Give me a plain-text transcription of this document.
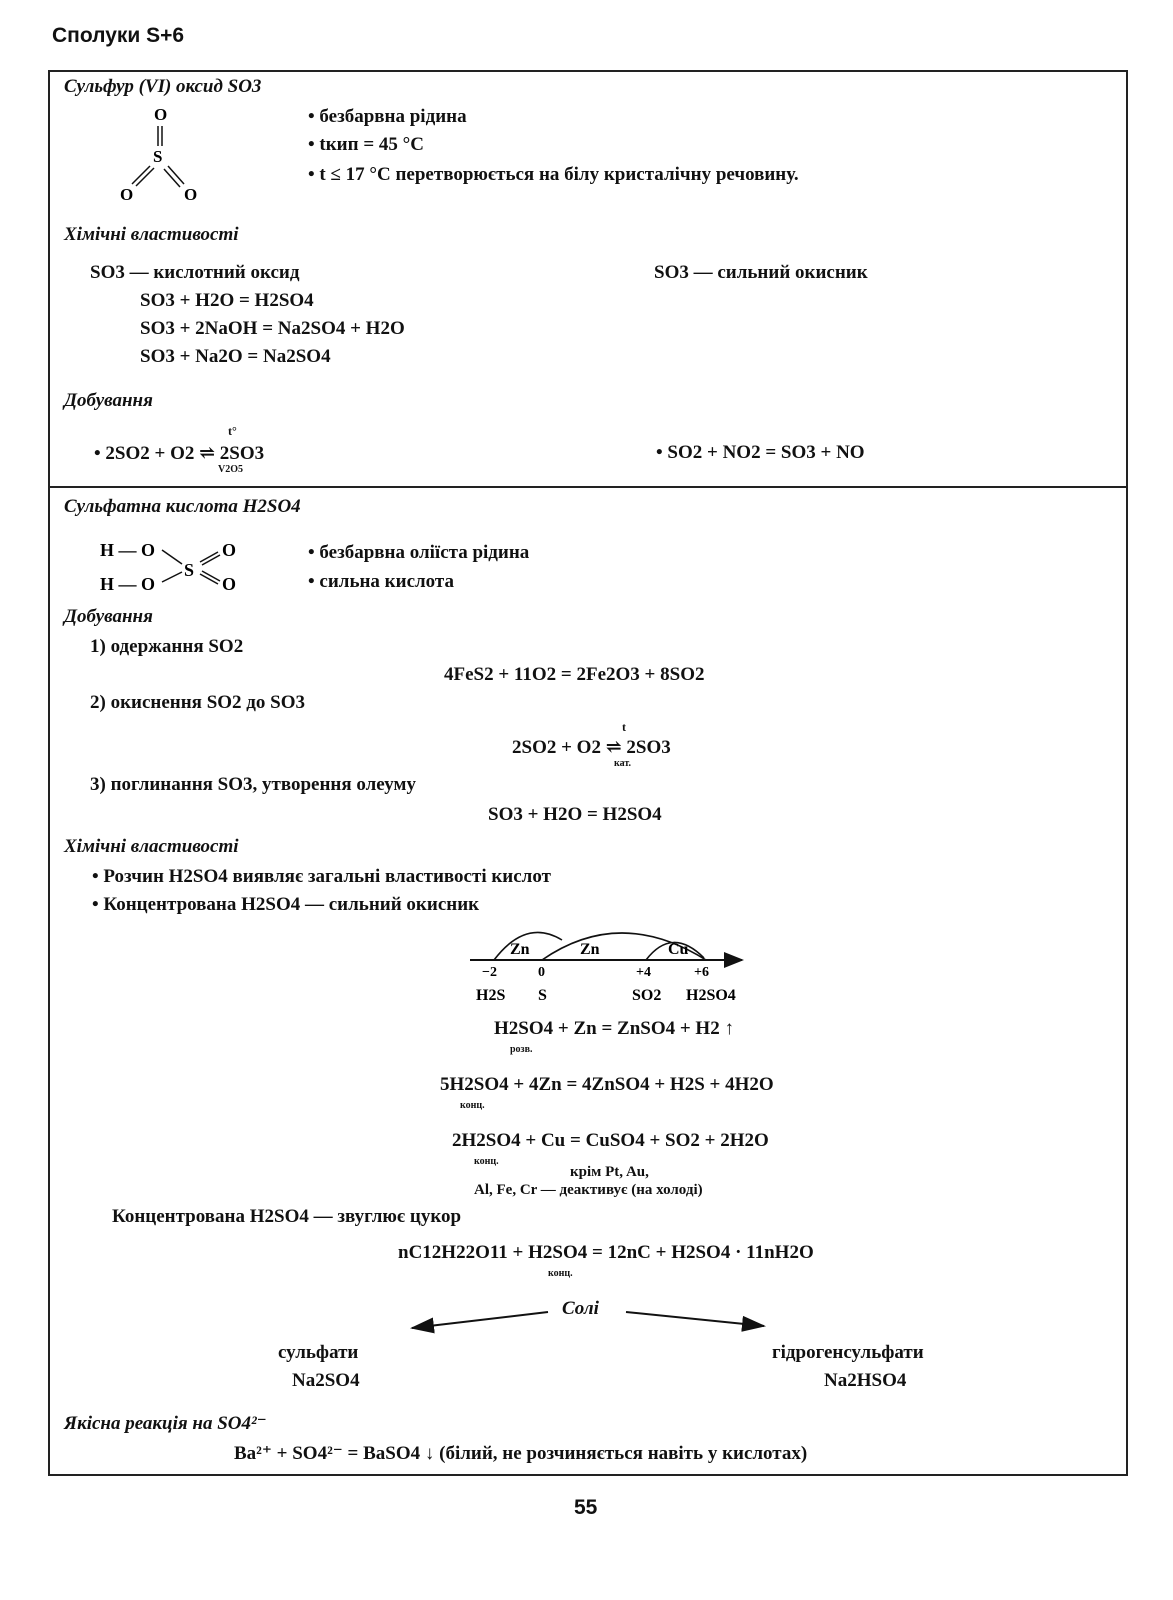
Сполуки S+6
Сульфур (VI) оксид SO3
O
S
O	O
• безбарвна рідина
• tкип = 45 °C
• t ≤ 17 °C перетворюється на білу кристалічну речовину.
Хімічні властивості
SO3 — кислотний оксид	SO3 — сильний окисник
SO3 + H2O = H2SO4
SO3 + 2NaOH = Na2SO4 + H2O
SO3 + Na2O = Na2SO4
Добування
t°
• 2SO2 + O2 ⇌ 2SO3
V2O5
• SO2 + NO2 = SO3 + NO
Сульфатна кислота H2SO4
H — O
H — O
S
O
O
• безбарвна оліїста рідина
• сильна кислота
Добування
1) одержання SO2
4FeS2 + 11O2 = 2Fe2O3 + 8SO2
2) окиснення SO2 до SO3
t
2SO2 + O2 ⇌ 2SO3
кат.
3) поглинання SO3, утворення олеуму
SO3 + H2O = H2SO4
Хімічні властивості
• Розчин H2SO4 виявляє загальні властивості кислот
• Концентрована H2SO4 — сильний окисник
Zn	Zn	Cu
−2	0	+4	+6
H2S S	SO2 H2SO4
H2SO4 + Zn = ZnSO4 + H2 ↑
розв.
5H2SO4 + 4Zn = 4ZnSO4 + H2S + 4H2O
конц.
2H2SO4 + Cu = CuSO4 + SO2 + 2H2O
конц.
крім Pt, Au,
Al, Fe, Cr — деактивує (на холоді)
Концентрована H2SO4 — звуглює цукор
nC12H22O11 + H2SO4 = 12nC + H2SO4 · 11nH2O
конц.
Солі
сульфати
Na2SO4
гідрогенсульфати
Na2HSO4
Якісна реакція на SO4²⁻
Ba²⁺ + SO4²⁻ = BaSO4 ↓ (білий, не розчиняється навіть у кислотах)
55
